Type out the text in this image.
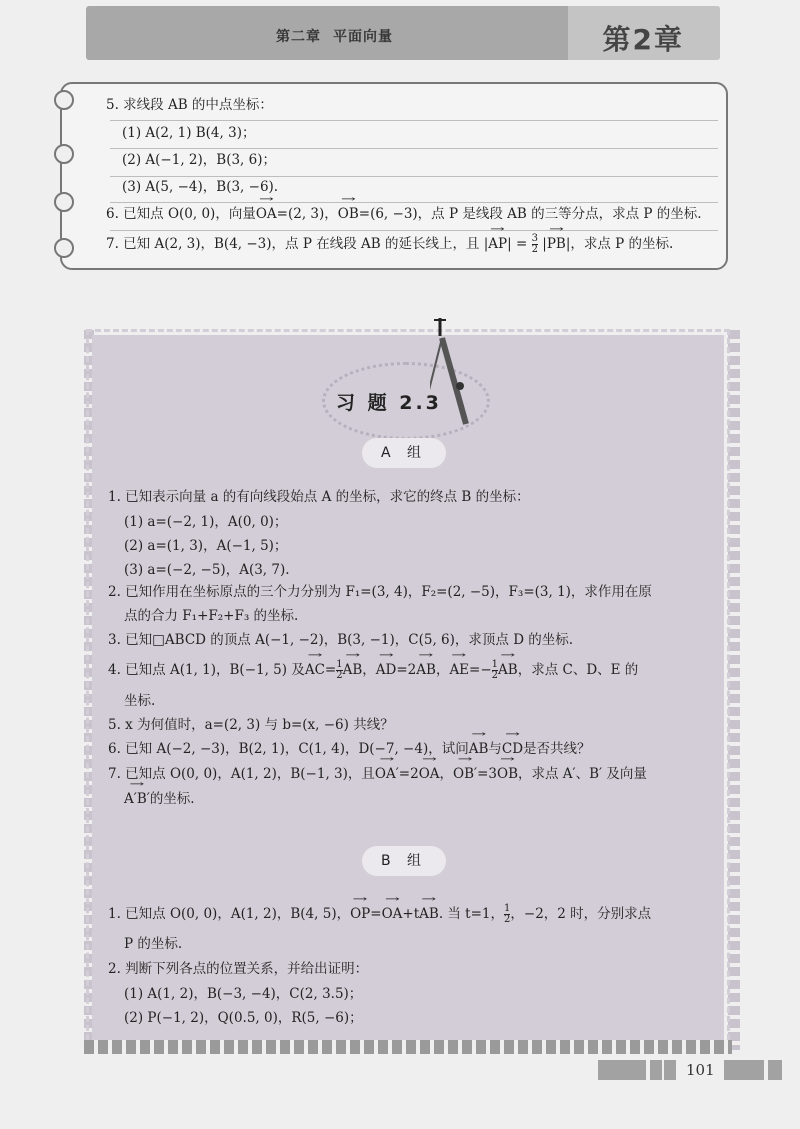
第二章 平面向量	第2章
5. 求线段 AB 的中点坐标：
(1) A(2, 1) B(4, 3)；
(2) A(−1, 2)，B(3, 6)；
(3) A(5, −4)，B(3, −6).
6. 已知点 O(0, 0)，向量→ OA=(2, 3)，→ OB=(6, −3)，点 P 是线段 AB 的三等分点，求点 P 的坐标.
7. 已知 A(2, 3)，B(4, −3)，点 P 在线段 AB 的延长线上，且 |→ $AP| = \frac{3}{2}$ |→ PB|，求点 P 的坐标.
习 题 2.3
A 组
1. 已知表示向量 a 的有向线段始点 A 的坐标，求它的终点 B 的坐标：
(1) a=(−2, 1)，A(0, 0)；
(2) a=(1, 3)，A(−1, 5)；
(3) a=(−2, −5)，A(3, 7).
2. 已知作用在坐标原点的三个力分别为 F₁=(3, 4)，F₂=(2, −5)，F₃=(3, 1)，求作用在原
点的合力 F₁+F₂+F₃ 的坐标.
3. 已知□ABCD 的顶点 A(−1, −2)，B(3, −1)，C(5, 6)，求顶点 D 的坐标.
4. 已知点 A(1, 1)，B(−1, 5) 及→ $AC= \frac{1}{2}$ → AB，→ AD=2→ AB，→ $AE=- \frac{1}{2}$ → AB，求点 C、D、E 的
坐标.
5. x 为何值时，a=(2, 3) 与 b=(x, −6) 共线？
6. 已知 A(−2, −3)，B(2, 1)，C(1, 4)，D(−7, −4)，试问→ AB与→ CD是否共线？
7. 已知点 O(0, 0)，A(1, 2)，B(−1, 3)，且→ OA′=2→ OA，→ OB′=3→ OB，求点 A′、B′ 及向量
→ A′B′的坐标.
B 组
1. 已知点 O(0, 0)，A(1, 2)，B(4, 5)，→ OP=→ OA+t→ AB. 当 t=1， $\frac{1}{2}$ ，−2，2 时，分别求点
P 的坐标.
2. 判断下列各点的位置关系，并给出证明：
(1) A(1, 2)，B(−3, −4)，C(2, 3.5)；
(2) P(−1, 2)，Q(0.5, 0)，R(5, −6)；
101
